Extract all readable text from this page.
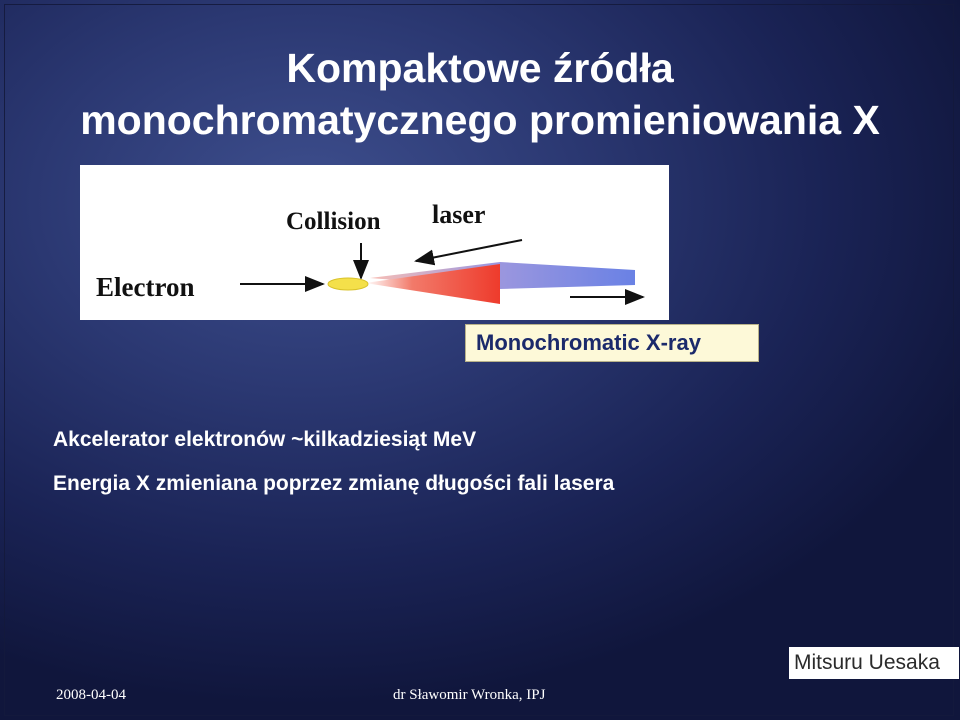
Kompaktowe źródła
monochromatycznego promieniowania X
Collision laser
Electron
Monochromatic X-ray
Akcelerator elektronów ~kilkadziesiąt MeV
Energia X zmieniana poprzez zmianę długości fali lasera
Mitsuru Uesaka
2008-04-04	dr Sławomir Wronka, IPJ
